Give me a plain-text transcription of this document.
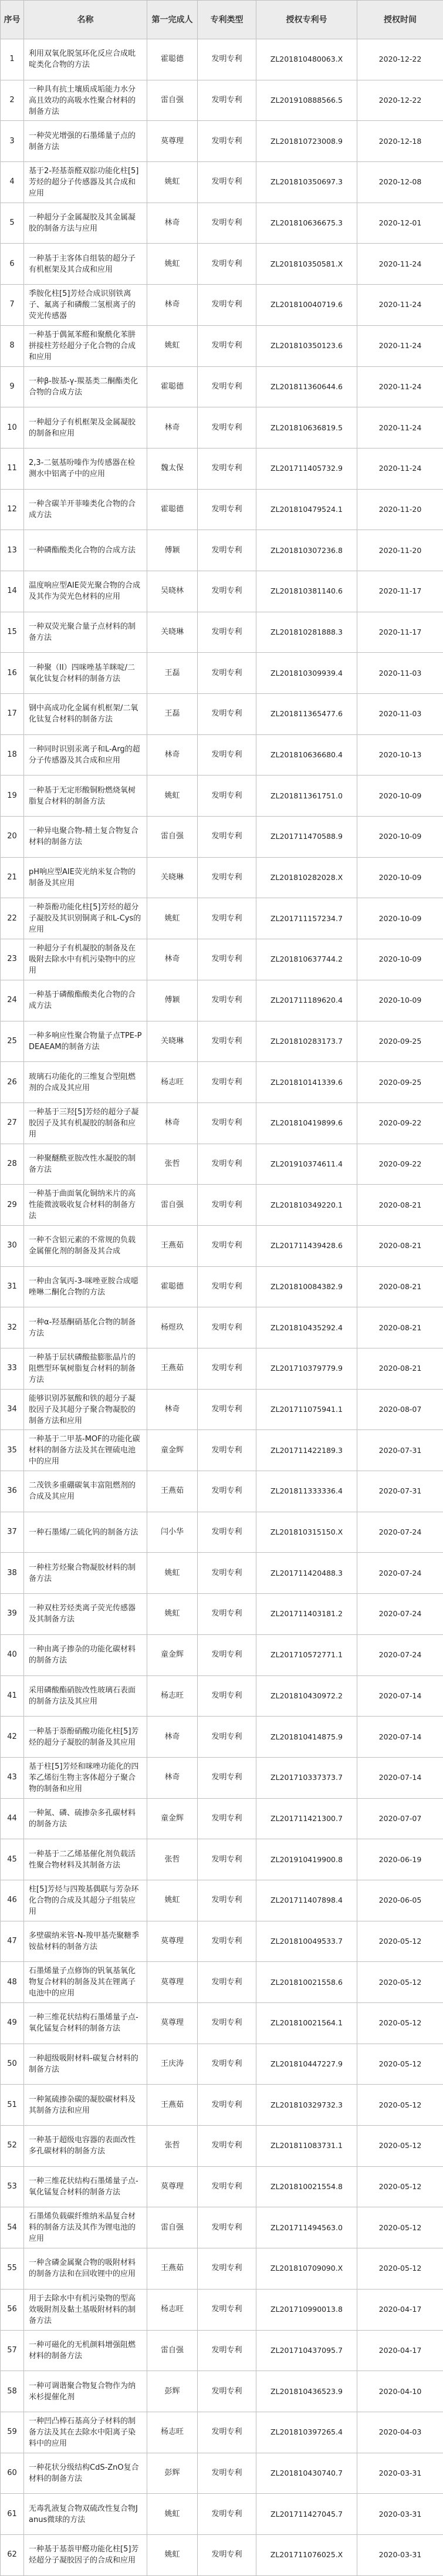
序号	名称	第一完成人	专利类型	授权专利号	授权时间
1	利用双氧化脱氢环化反应合成吡啶类化合物的方法	霍聪德	发明专利	ZL201810480063.X	2020-12-22
2	一种具有抗土壤质成垢能力水分高且效功的高吸水性聚合材料的制备方法	雷自强	发明专利	ZL201910888566.5	2020-12-22
3	一种荧光增强的石墨烯量子点的制备方法	莫尊理	发明专利	ZL201810723008.9	2020-12-18
4	基于2-羟基萘醛双腙功能化柱[5]芳烃的超分子传感器及其合成和应用	姚虹	发明专利	ZL201810350697.3	2020-12-08
5	一种超分子金属凝胶及其金属凝胶的制备方法与应用	林奇	发明专利	ZL201810636675.3	2020-12-01
6	一种基于主客体自组装的超分子有机框架及其合成和应用	姚虹	发明专利	ZL201810350581.X	2020-11-24
7	季胺化柱[5]芳烃合成识别铁离子、氟离子和磷酸二氢根离子的荧光传感器	林奇	发明专利	ZL201810040719.6	2020-11-24
8	一种基于偶氮苯醛和聚酰化苯肼拼接柱芳烃超分子化合物的合成和应用	姚虹	发明专利	ZL201810350123.6	2020-11-24
9	一种β-胺基-γ-羰基类二酮酯类化合物的合成方法	霍聪德	发明专利	ZL201811360644.6	2020-11-24
10	一种超分子有机框架及金属凝胶的制备和应用	林奇	发明专利	ZL201810636819.5	2020-11-24
11	2,3-二氨基吩嗪作为传感器在检测水中铝离子中的应用	魏太保	发明专利	ZL201711405732.9	2020-11-24
12	一种含碳羊开菲嗪类化合物的合成方法	霍聪德	发明专利	ZL201810479524.1	2020-11-20
13	一种磷酯酸类化合物的合成方法	傅颖	发明专利	ZL201810307236.8	2020-11-20
14	温度响应型AIE荧光聚合物的合成及其作为荧光色材料的应用	吴晓林	发明专利	ZL201810381140.6	2020-11-17
15	一种双荧光聚合量子点材料的制备方法	关晓琳	发明专利	ZL201810281888.3	2020-11-17
16	一种聚（II）四咪唑基羊眯啶/二氧化钛复合材料的制备方法	王磊	发明专利	ZL201810309939.4	2020-11-03
17	钢中高成功化金属有机框架/二氧化钛复合材料的制备方法	王磊	发明专利	ZL201811365477.6	2020-11-03
18	一种同时识别汞离子和L-Arg的超分子传感器及其合成和应用	林奇	发明专利	ZL201810636680.4	2020-10-13
19	一种基于无定形酸铜粉燃烧氧树脂复合材料的制备方法	姚虹	发明专利	ZL201811361751.0	2020-10-09
20	一种异电聚合物-精土复合物复合材料的制备方法	雷自强	发明专利	ZL201711470588.9	2020-10-09
21	pH响应型AIE荧光纳米复合物的制备及其应用	关晓琳	发明专利	ZL201810282028.X	2020-10-09
22	一种萘酚功能化柱[5]芳烃的超分子凝胶及其识别铜离子和L-Cys的应用	姚虹	发明专利	ZL201711157234.7	2020-10-09
23	一种超分子有机凝胶的制备及在吸附去除水中有机污染物中的应用	林奇	发明专利	ZL201810637744.2	2020-10-09
24	一种基于磷酸酯酸类化合物的合成方法	傅颖	发明专利	ZL201711189620.4	2020-10-09
25	一种多响应性聚合物量子点TPE-PDEAEAM的制备方法	关晓琳	发明专利	ZL201810283173.7	2020-09-25
26	玻璃石功能化的三维复合型阻燃剂的合成及其应用	杨志旺	发明专利	ZL201810141339.6	2020-09-25
27	一种基于三羟[5]芳烃的超分子凝胶因子及其有机凝胶的制备和应用	林奇	发明专利	ZL201810419899.6	2020-09-22
28	一种聚醚酰亚胺改性水凝胶的制备方法	张哲	发明专利	ZL201910374611.4	2020-09-22
29	一种基于曲面氧化铜纳米片的高性能微波吸收复合材料的制备方法	雷自强	发明专利	ZL201810349220.1	2020-08-21
30	一种不含铝元素的不常规的负载金属催化剂的制备及其合成	王燕茹	发明专利	ZL201711439428.6	2020-08-21
31	一种由含氧丙-3-咪唑亚胺合成噁唑啉二酮化合物的方法	霍聪德	发明专利	ZL201810084382.9	2020-08-21
32	一种α-羟基酮硝基化合物的制备方法	杨煜玖	发明专利	ZL201810435292.4	2020-08-21
33	一种基于层状磷酸盐膨胀晶片的阻燃型环氧树脂复合材料的制备方法	王燕茹	发明专利	ZL201710379779.9	2020-08-21
34	能够识别苏氨酸和铁的超分子凝胶因子及其超分子聚合物凝胶的制备方法和应用	林奇	发明专利	ZL201711075941.1	2020-08-07
35	一种基于二甲基-MOF的功能化碳材料的制备方法及其在锂硫电池中的应用	童金辉	发明专利	ZL201711422189.3	2020-07-31
36	二茂铁多重硼碳氧丰富阻燃剂的合成及其应用	王燕茹	发明专利	ZL201811333336.4	2020-07-31
37	一种石墨烯/二硫化钨的制备方法	闫小华	发明专利	ZL201810315150.X	2020-07-24
38	一种柱芳烃聚合物凝胶材料的制备方法	姚虹	发明专利	ZL201711420488.3	2020-07-24
39	一种双柱芳烃类离子荧光传感器及其制备方法	姚虹	发明专利	ZL201711403181.2	2020-07-24
40	一种由离子掺杂的功能化碳材料的制备方法	童金辉	发明专利	ZL201710572771.1	2020-07-24
41	采用磷酸酯硝胺改性玻璃石表面的制备方法及其应用	杨志旺	发明专利	ZL201810430972.2	2020-07-14
42	一种基于萘酚硝酸功能化柱[5]芳烃的超分子凝胶的制备及其应用	林奇	发明专利	ZL201810414875.9	2020-07-14
43	基于柱[5]芳烃和咪唑功能化的四苯乙烯衍生物主客体超分子聚合物的制备和应用	林奇	发明专利	ZL201710337373.7	2020-07-14
44	一种氮、磷、硫掺杂多孔碳材料的制备方法	童金辉	发明专利	ZL201711421300.7	2020-07-07
45	一种基于二乙烯基催化剂负载活性聚合物材料及其制备方法	张哲	发明专利	ZL201910419900.8	2020-06-19
46	柱[5]芳烃与四羧基偶联与芳杂环化合物的合成及其超分子组装应用	姚虹	发明专利	ZL201711407898.4	2020-06-05
47	多壁碳纳米管-N-羧甲基壳聚糖季铵盐材料的制备方法	莫尊理	发明专利	ZL201810049533.7	2020-05-12
48	石墨烯量子点修饰的钒氧基氧化物复合材料的制备及其在锂离子电池中的应用	莫尊理	发明专利	ZL201810021558.6	2020-05-12
49	一种三维花状结构石墨烯量子点-氧化锰复合材料的制备方法	莫尊理	发明专利	ZL201810021564.1	2020-05-12
50	一种超级吸附材料-碳复合材料的制备方法	王庆涛	发明专利	ZL201810447227.9	2020-05-12
51	一种氮硫掺杂碳的凝胶碳材料及其制备方法和应用	王燕茹	发明专利	ZL201810329732.3	2020-05-12
52	一种基于超级电容器的表面改性多孔碳材料的制备方法	张哲	发明专利	ZL201811083731.1	2020-05-12
53	一种三维花状结构石墨烯量子点-氧化锰复合材料的制备方法	莫尊理	发明专利	ZL201810021554.8	2020-05-12
54	石墨烯负载碳纤维纳米晶复合材料的制备方法及其作为锂电池的应用	雷自强	发明专利	ZL201711494563.0	2020-05-12
55	一种含磷金属聚合物的吸附材料的制备方法和在回收锂中的应用	王燕茹	发明专利	ZL201810709090.X	2020-05-12
56	用于去除水中有机污染物的型高效吸附剂及黏土基吸附材料的制备方法	杨志旺	发明专利	ZL201710990013.8	2020-04-17
57	一种可磁化的无机颜料增强阻燃材料的制备方法	雷自强	发明专利	ZL201710437095.7	2020-04-17
58	一种可调谐聚合物复合物作为纳米杉提催化剂	彭辉	发明专利	ZL201810436523.9	2020-04-10
59	一种凹凸棒石基高分子材料的制备方法及其在去除水中阳离子染料中的应用	杨志旺	发明专利	ZL201810397265.4	2020-04-03
60	一种花状分级结构CdS-ZnO复合材料的制备方法	彭辉	发明专利	ZL201810430740.7	2020-03-31
61	无毒乳液复合物双硫改性复合物Janus微球的方法	姚虹	发明专利	ZL201711427045.7	2020-03-31
62	一种基于基萘甲醛功能化柱[5]芳烃超分子凝胶因子的合成和应用	姚虹	发明专利	ZL201711076025.X	2020-03-31
